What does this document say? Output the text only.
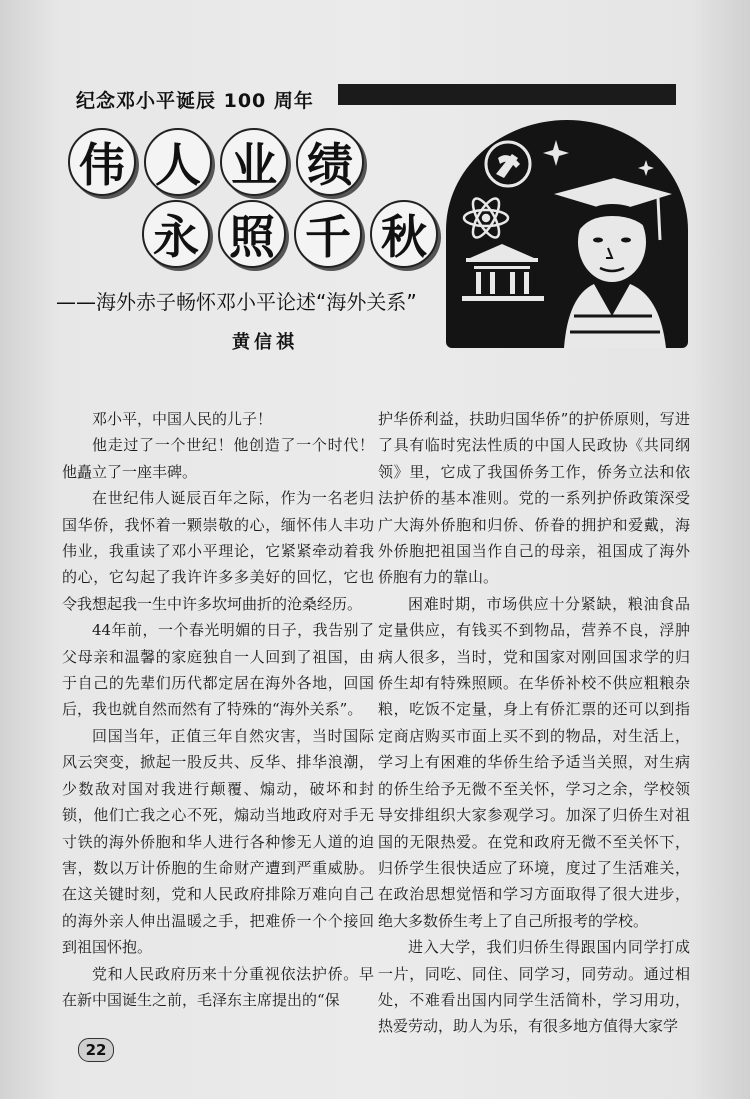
纪念邓小平诞辰 100 周年
伟 人 业 绩
永 照 千 秋
——海外赤子畅怀邓小平论述“海外关系”
黄信祺

邓小平，中国人民的儿子！

他走过了一个世纪！他创造了一个时代！他矗立了一座丰碑。

在世纪伟人诞辰百年之际，作为一名老归国华侨，我怀着一颗崇敬的心，缅怀伟人丰功伟业，我重读了邓小平理论，它紧紧牵动着我的心，它勾起了我许许多多美好的回忆，它也令我想起我一生中许多坎坷曲折的沧桑经历。

44年前，一个春光明媚的日子，我告别了父母亲和温馨的家庭独自一人回到了祖国，由于自己的先辈们历代都定居在海外各地，回国后，我也就自然而然有了特殊的“海外关系”。

回国当年，正值三年自然灾害，当时国际风云突变，掀起一股反共、反华、排华浪潮，少数敌对国对我进行颠覆、煽动，破坏和封锁，他们亡我之心不死，煽动当地政府对手无寸铁的海外侨胞和华人进行各种惨无人道的迫害，数以万计侨胞的生命财产遭到严重威胁。在这关键时刻，党和人民政府排除万难向自己的海外亲人伸出温暖之手，把难侨一个个接回到祖国怀抱。

党和人民政府历来十分重视依法护侨。早在新中国诞生之前，毛泽东主席提出的“保

护华侨利益，扶助归国华侨”的护侨原则，写进了具有临时宪法性质的中国人民政协《共同纲领》里，它成了我国侨务工作，侨务立法和依法护侨的基本准则。党的一系列护侨政策深受广大海外侨胞和归侨、侨眷的拥护和爱戴，海外侨胞把祖国当作自己的母亲，祖国成了海外侨胞有力的靠山。

困难时期，市场供应十分紧缺，粮油食品定量供应，有钱买不到物品，营养不良，浮肿病人很多，当时，党和国家对刚回国求学的归侨生却有特殊照顾。在华侨补校不供应粗粮杂粮，吃饭不定量，身上有侨汇票的还可以到指定商店购买市面上买不到的物品，对生活上，学习上有困难的华侨生给予适当关照，对生病的侨生给予无微不至关怀，学习之余，学校领导安排组织大家参观学习。加深了归侨生对祖国的无限热爱。在党和政府无微不至关怀下，归侨学生很快适应了环境，度过了生活难关，在政治思想觉悟和学习方面取得了很大进步，绝大多数侨生考上了自己所报考的学校。

进入大学，我们归侨生得跟国内同学打成一片，同吃、同住、同学习，同劳动。通过相处，不难看出国内同学生活简朴，学习用功，热爱劳动，助人为乐，有很多地方值得大家学

22
